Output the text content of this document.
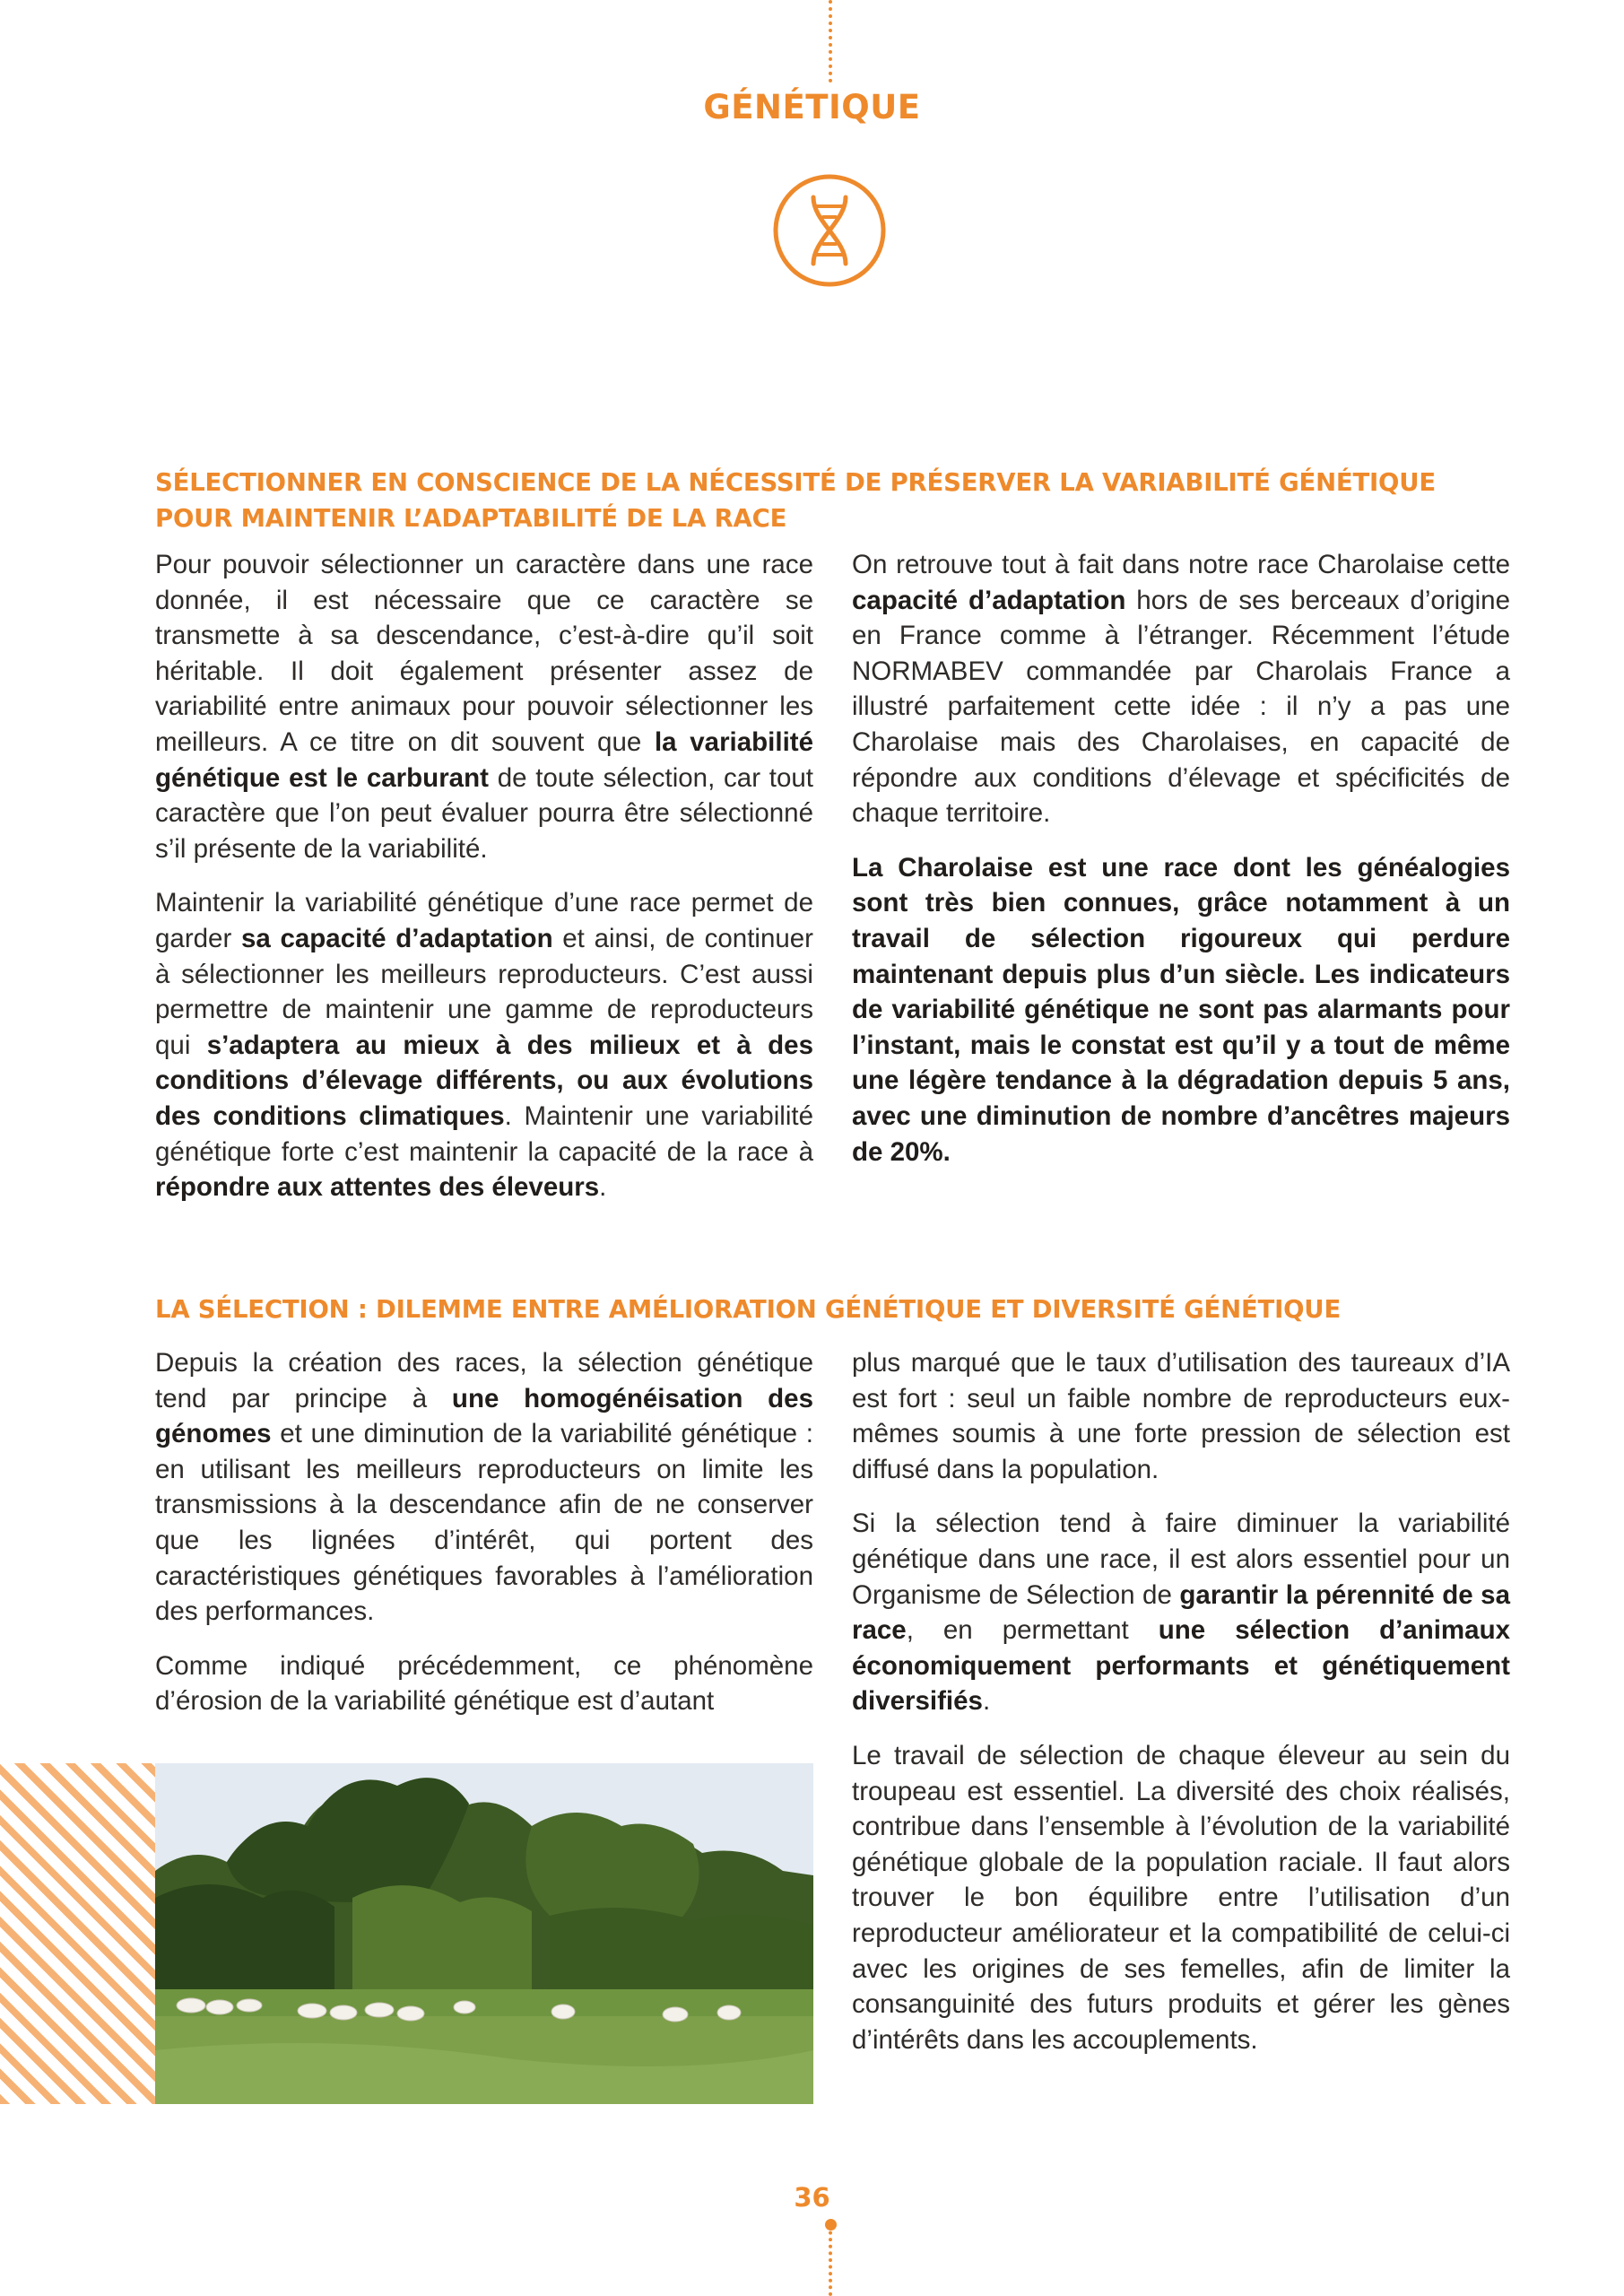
GÉNÉTIQUE
SÉLECTIONNER EN CONSCIENCE DE LA NÉCESSITÉ DE PRÉSERVER LA VARIABILITÉ GÉNÉTIQUE
POUR MAINTENIR L’ADAPTABILITÉ DE LA RACE

Pour pouvoir sélectionner un caractère dans une race donnée, il est nécessaire que ce caractère se transmette à sa descendance, c’est-à-dire qu’il soit héritable. Il doit également présenter assez de variabilité entre animaux pour pouvoir sélectionner les meilleurs. A ce titre on dit souvent que la variabilité génétique est le carburant de toute sélection, car tout caractère que l’on peut évaluer pourra être sélectionné s’il présente de la variabilité.

Maintenir la variabilité génétique d’une race permet de garder sa capacité d’adaptation et ainsi, de continuer à sélectionner les meilleurs reproducteurs. C’est aussi permettre de maintenir une gamme de reproducteurs qui s’adaptera au mieux à des milieux et à des conditions d’élevage différents, ou aux évolutions des conditions climatiques. Maintenir une variabilité génétique forte c’est maintenir la capacité de la race à répondre aux attentes des éleveurs.

On retrouve tout à fait dans notre race Charolaise cette capacité d’adaptation hors de ses berceaux d’origine en France comme à l’étranger. Récemment l’étude NORMABEV commandée par Charolais France a illustré parfaitement cette idée : il n’y a pas une Charolaise mais des Charolaises, en capacité de répondre aux conditions d’élevage et spécificités de chaque territoire.

La Charolaise est une race dont les généalogies sont très bien connues, grâce notamment à un travail de sélection rigoureux qui perdure maintenant depuis plus d’un siècle. Les indicateurs de variabilité génétique ne sont pas alarmants pour l’instant, mais le constat est qu’il y a tout de même une légère tendance à la dégradation depuis 5 ans, avec une diminution de nombre d’ancêtres majeurs de 20%.

LA SÉLECTION : DILEMME ENTRE AMÉLIORATION GÉNÉTIQUE ET DIVERSITÉ GÉNÉTIQUE

Depuis la création des races, la sélection génétique tend par principe à une homogénéisation des génomes et une diminution de la variabilité génétique : en utilisant les meilleurs reproducteurs on limite les transmissions à la descendance afin de ne conserver que les lignées d’intérêt, qui portent des caractéristiques génétiques favorables à l’amélioration des performances.

Comme indiqué précédemment, ce phénomène d’érosion de la variabilité génétique est d’autant

plus marqué que le taux d’utilisation des taureaux d’IA est fort : seul un faible nombre de reproducteurs eux-mêmes soumis à une forte pression de sélection est diffusé dans la population.

Si la sélection tend à faire diminuer la variabilité génétique dans une race, il est alors essentiel pour un Organisme de Sélection de garantir la pérennité de sa race, en permettant une sélection d’animaux économiquement performants et génétiquement diversifiés.

Le travail de sélection de chaque éleveur au sein du troupeau est essentiel. La diversité des choix réalisés, contribue dans l’ensemble à l’évolution de la variabilité génétique globale de la population raciale. Il faut alors trouver le bon équilibre entre l’utilisation d’un reproducteur améliorateur et la compatibilité de celui-ci avec les origines de ses femelles, afin de limiter la consanguinité des futurs produits et gérer les gènes d’intérêts dans les accouplements.

36
